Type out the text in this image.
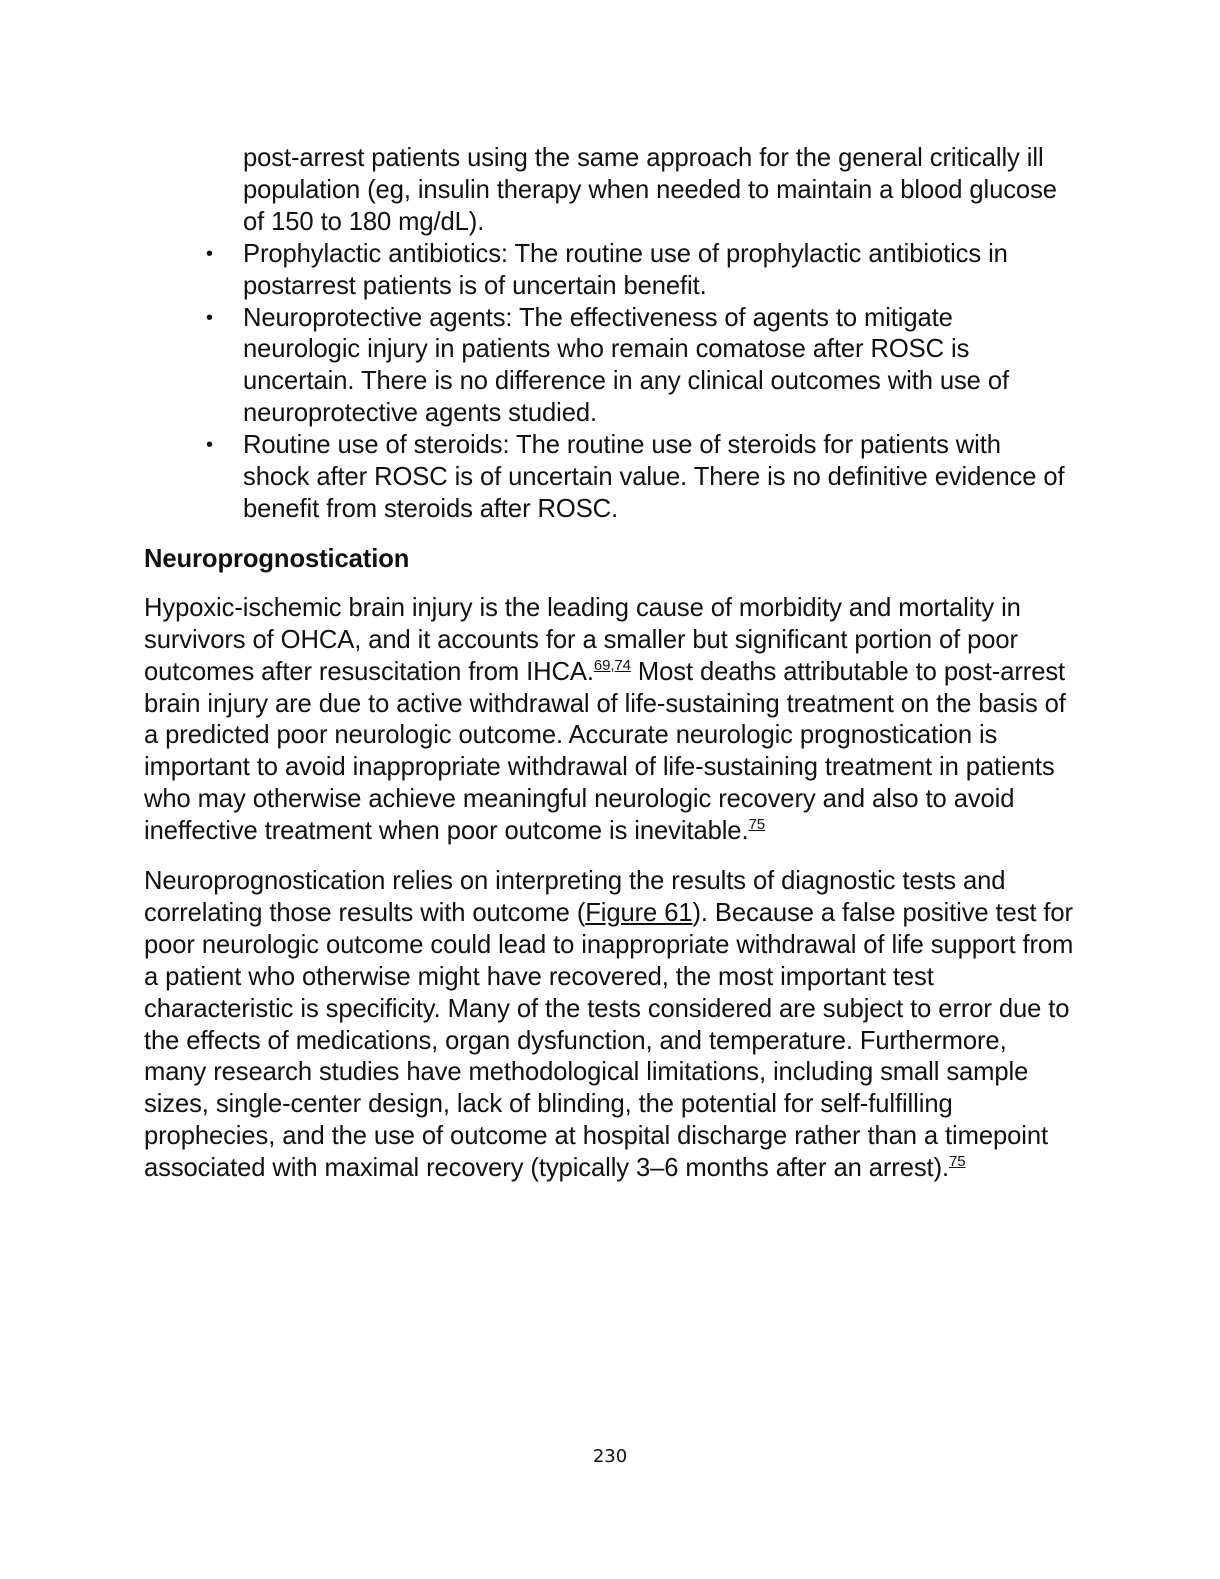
post-arrest patients using the same approach for the general critically ill population (eg, insulin therapy when needed to maintain a blood glucose of 150 to 180 mg/dL).

• Prophylactic antibiotics: The routine use of prophylactic antibiotics in postarrest patients is of uncertain benefit.
• Neuroprotective agents: The effectiveness of agents to mitigate neurologic injury in patients who remain comatose after ROSC is uncertain. There is no difference in any clinical outcomes with use of neuroprotective agents studied.
• Routine use of steroids: The routine use of steroids for patients with shock after ROSC is of uncertain value. There is no definitive evidence of benefit from steroids after ROSC.
Neuroprognostication

Hypoxic-ischemic brain injury is the leading cause of morbidity and mortality in survivors of OHCA, and it accounts for a smaller but significant portion of poor outcomes after resuscitation from IHCA.$^{69,74}$ Most deaths attributable to post-arrest brain injury are due to active withdrawal of life-sustaining treatment on the basis of a predicted poor neurologic outcome. Accurate neurologic prognostication is important to avoid inappropriate withdrawal of life-sustaining treatment in patients who may otherwise achieve meaningful neurologic recovery and also to avoid ineffective treatment when poor outcome is inevitable.$^{75}$

Neuroprognostication relies on interpreting the results of diagnostic tests and correlating those results with outcome (Figure 61). Because a false positive test for poor neurologic outcome could lead to inappropriate withdrawal of life support from a patient who otherwise might have recovered, the most important test characteristic is specificity. Many of the tests considered are subject to error due to the effects of medications, organ dysfunction, and temperature. Furthermore, many research studies have methodological limitations, including small sample sizes, single-center design, lack of blinding, the potential for self-fulfilling prophecies, and the use of outcome at hospital discharge rather than a timepoint associated with maximal recovery (typically 3–6 months after an arrest).$^{75}$

230
